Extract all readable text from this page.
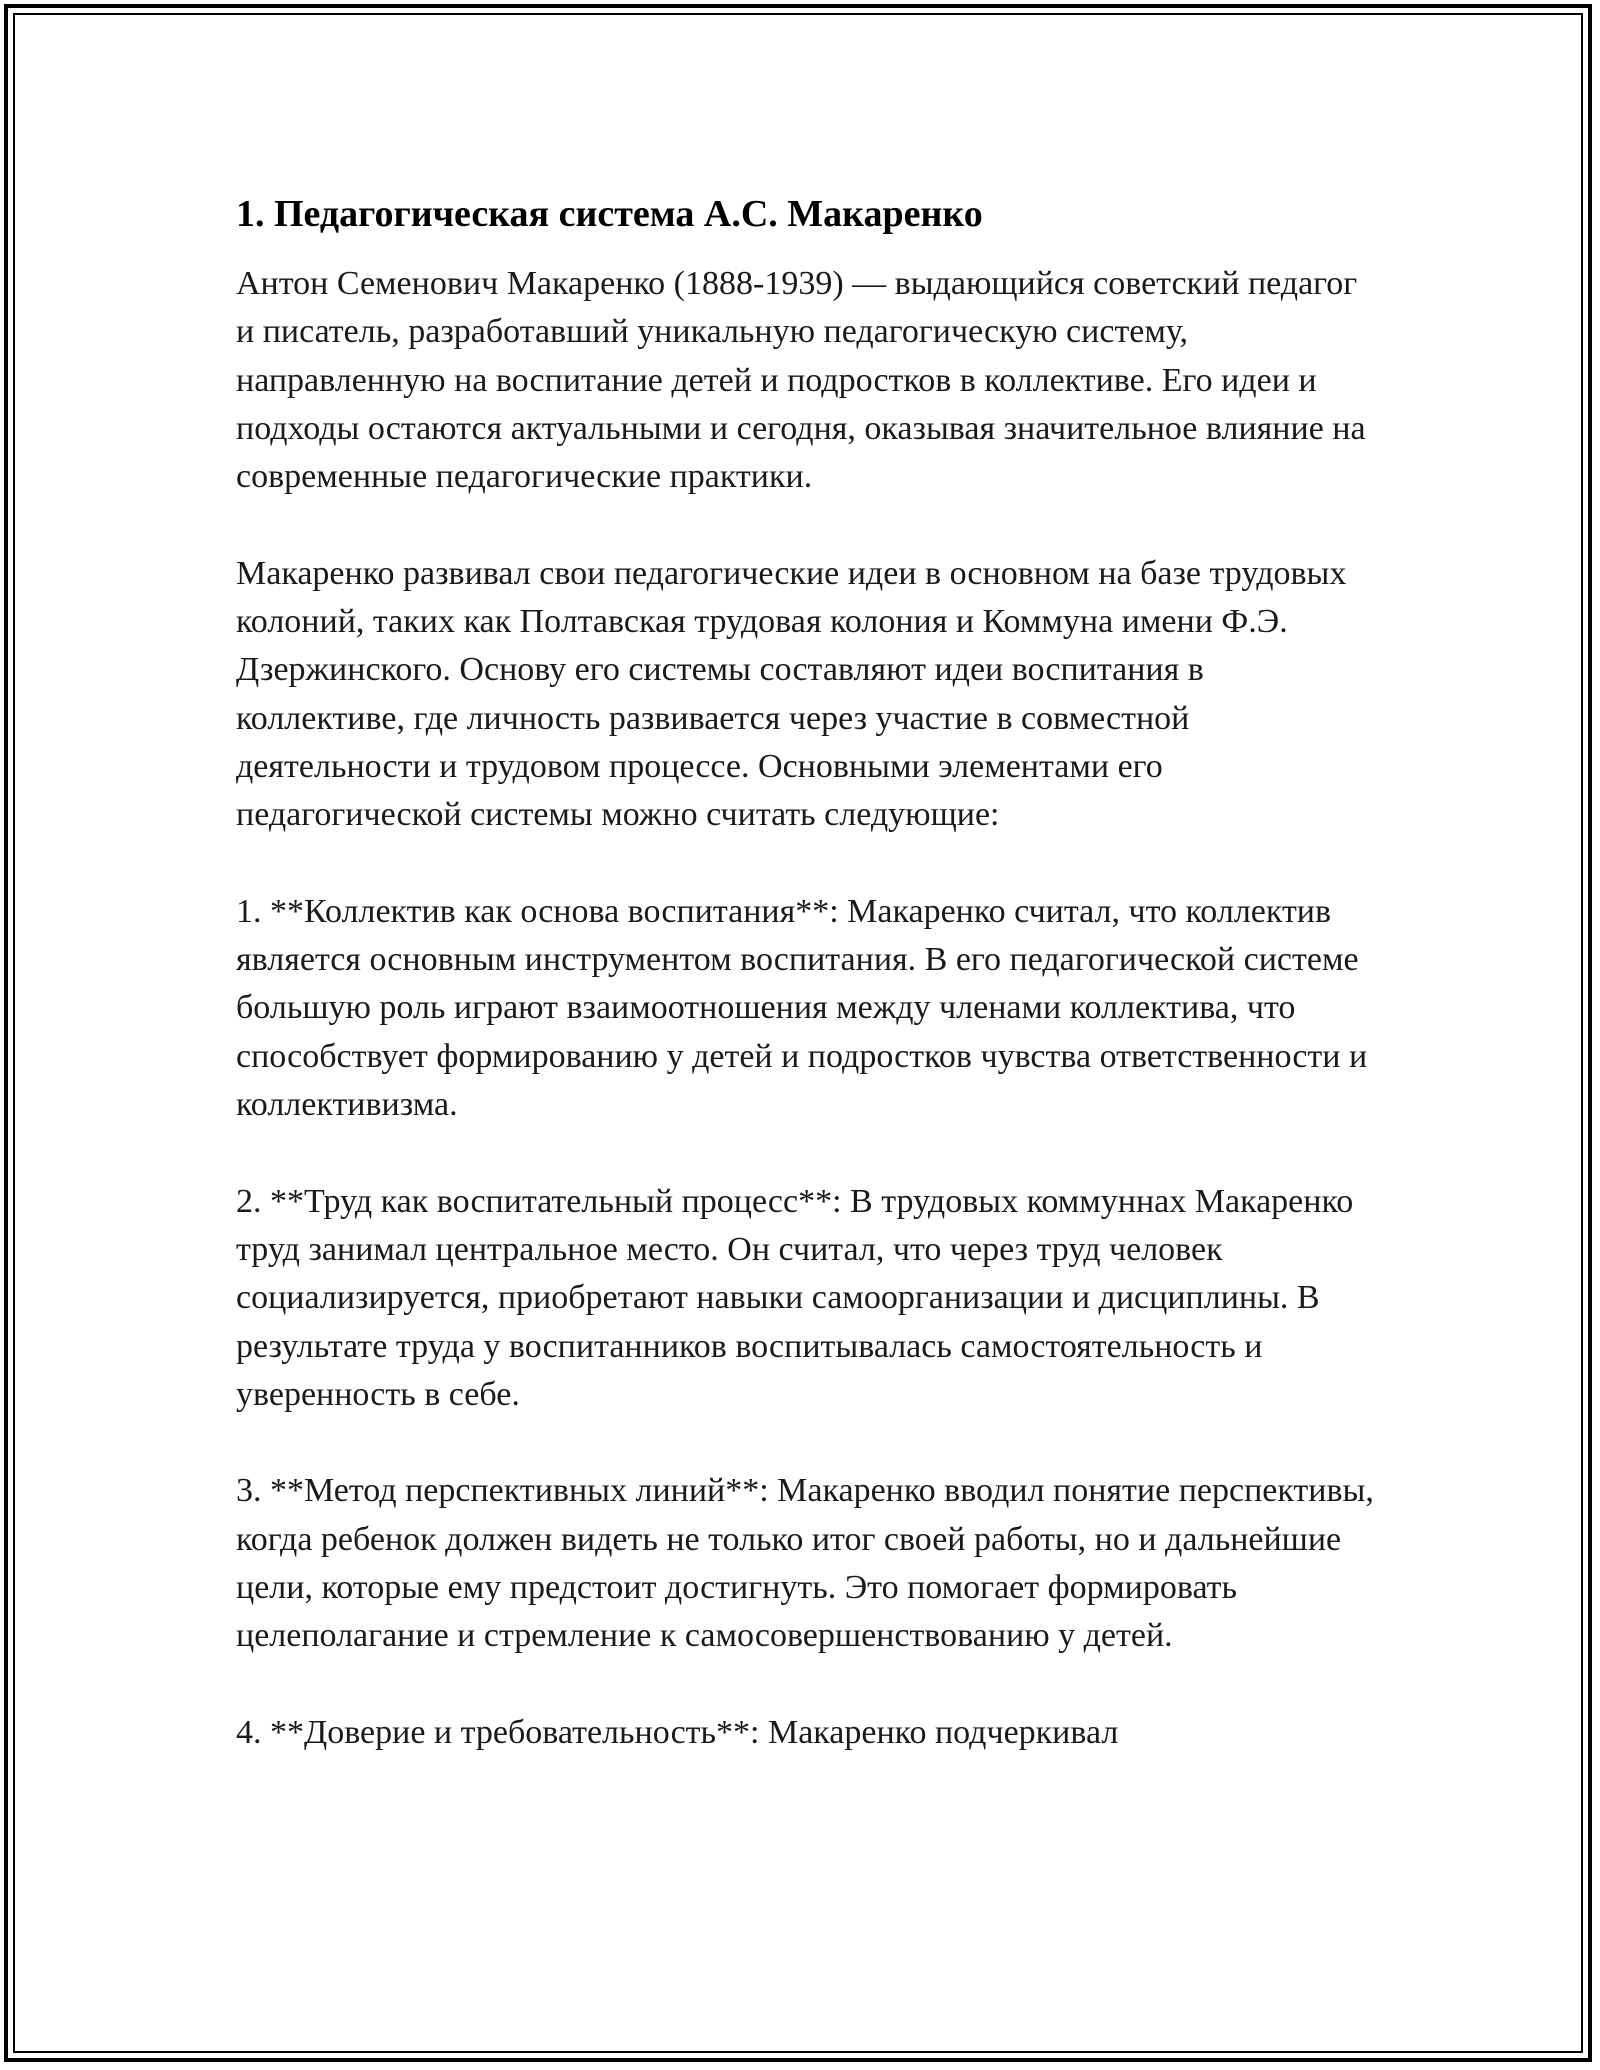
1. Педагогическая система А.С. Макаренко

Антон Семенович Макаренко (1888-1939) — выдающийся советский педагог и писатель, разработавший уникальную педагогическую систему, направленную на воспитание детей и подростков в коллективе. Его идеи и подходы остаются актуальными и сегодня, оказывая значительное влияние на современные педагогические практики.

Макаренко развивал свои педагогические идеи в основном на базе трудовых колоний, таких как Полтавская трудовая колония и Коммуна имени Ф.Э. Дзержинского. Основу его системы составляют идеи воспитания в коллективе, где личность развивается через участие в совместной деятельности и трудовом процессе. Основными элементами его педагогической системы можно считать следующие:

1. **Коллектив как основа воспитания**: Макаренко считал, что коллектив является основным инструментом воспитания. В его педагогической системе большую роль играют взаимоотношения между членами коллектива, что способствует формированию у детей и подростков чувства ответственности и коллективизма.

2. **Труд как воспитательный процесс**: В трудовых коммуннах Макаренко труд занимал центральное место. Он считал, что через труд человек социализируется, приобретают навыки самоорганизации и дисциплины. В результате труда у воспитанников воспитывалась самостоятельность и уверенность в себе.

3. **Метод перспективных линий**: Макаренко вводил понятие перспективы, когда ребенок должен видеть не только итог своей работы, но и дальнейшие цели, которые ему предстоит достигнуть. Это помогает формировать целеполагание и стремление к самосовершенствованию у детей.

4. **Доверие и требовательность**: Макаренко подчеркивал
